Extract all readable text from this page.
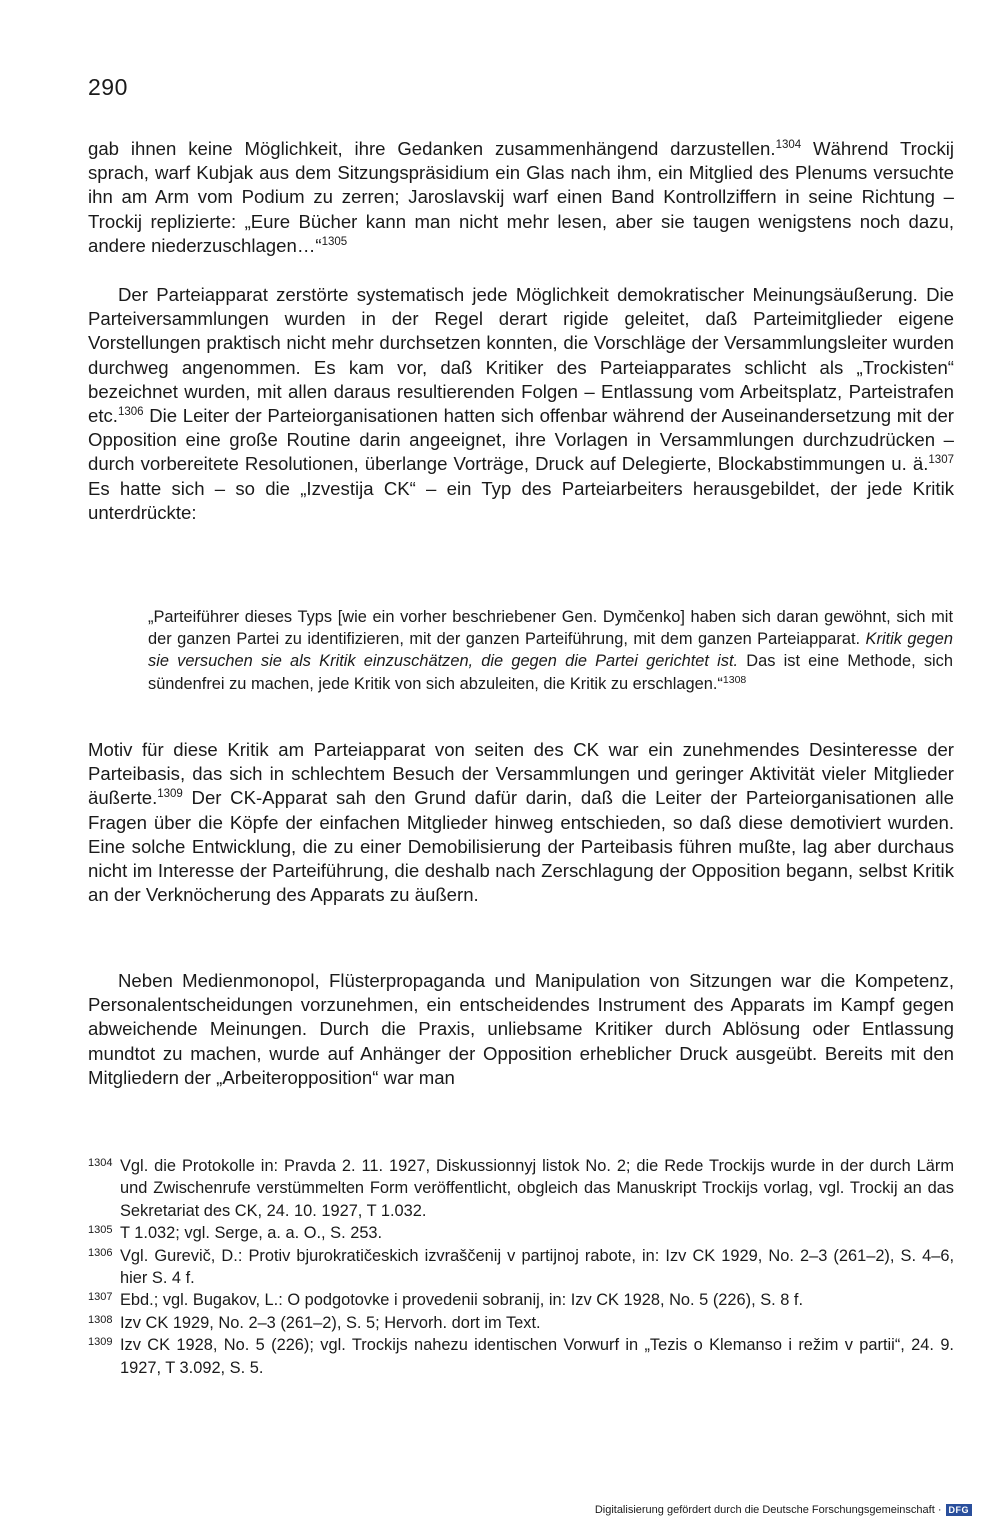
290

gab ihnen keine Möglichkeit, ihre Gedanken zusammenhängend darzustellen.$^{1304}$ Während Trockij sprach, warf Kubjak aus dem Sitzungspräsidium ein Glas nach ihm, ein Mitglied des Plenums versuchte ihn am Arm vom Podium zu zerren; Jaroslavskij warf einen Band Kontrollziffern in seine Richtung – Trockij replizierte: „Eure Bücher kann man nicht mehr lesen, aber sie taugen wenigstens noch dazu, andere niederzuschlagen…“$^{1305}$

Der Parteiapparat zerstörte systematisch jede Möglichkeit demokratischer Meinungsäußerung. Die Parteiversammlungen wurden in der Regel derart rigide geleitet, daß Parteimitglieder eigene Vorstellungen praktisch nicht mehr durchsetzen konnten, die Vorschläge der Versammlungsleiter wurden durchweg angenommen. Es kam vor, daß Kritiker des Parteiapparates schlicht als „Trockisten“ bezeichnet wurden, mit allen daraus resultierenden Folgen – Entlassung vom Arbeitsplatz, Parteistrafen etc.$^{1306}$ Die Leiter der Parteiorganisationen hatten sich offenbar während der Auseinandersetzung mit der Opposition eine große Routine darin angeeignet, ihre Vorlagen in Versammlungen durchzudrücken – durch vorbereitete Resolutionen, überlange Vorträge, Druck auf Delegierte, Blockabstimmungen u. ä.$^{1307}$ Es hatte sich – so die „Izvestija CK“ – ein Typ des Parteiarbeiters herausgebildet, der jede Kritik unterdrückte:

„Parteiführer dieses Typs [wie ein vorher beschriebener Gen. Dymčenko] haben sich daran gewöhnt, sich mit der ganzen Partei zu identifizieren, mit der ganzen Parteiführung, mit dem ganzen Parteiapparat. Kritik gegen sie versuchen sie als Kritik einzuschätzen, die gegen die Partei gerichtet ist. Das ist eine Methode, sich sündenfrei zu machen, jede Kritik von sich abzuleiten, die Kritik zu erschlagen.“$^{1308}$

Motiv für diese Kritik am Parteiapparat von seiten des CK war ein zunehmendes Desinteresse der Parteibasis, das sich in schlechtem Besuch der Versammlungen und geringer Aktivität vieler Mitglieder äußerte.$^{1309}$ Der CK-Apparat sah den Grund dafür darin, daß die Leiter der Parteiorganisationen alle Fragen über die Köpfe der einfachen Mitglieder hinweg entschieden, so daß diese demotiviert wurden. Eine solche Entwicklung, die zu einer Demobilisierung der Parteibasis führen mußte, lag aber durchaus nicht im Interesse der Parteiführung, die deshalb nach Zerschlagung der Opposition begann, selbst Kritik an der Verknöcherung des Apparats zu äußern.

Neben Medienmonopol, Flüsterpropaganda und Manipulation von Sitzungen war die Kompetenz, Personalentscheidungen vorzunehmen, ein entscheidendes Instrument des Apparats im Kampf gegen abweichende Meinungen. Durch die Praxis, unliebsame Kritiker durch Ablösung oder Entlassung mundtot zu machen, wurde auf Anhänger der Opposition erheblicher Druck ausgeübt. Bereits mit den Mitgliedern der „Arbeiteropposition“ war man

1304 Vgl. die Protokolle in: Pravda 2. 11. 1927, Diskussionnyj listok No. 2; die Rede Trockijs wurde in der durch Lärm und Zwischenrufe verstümmelten Form veröffentlicht, obgleich das Manuskript Trockijs vorlag, vgl. Trockij an das Sekretariat des CK, 24. 10. 1927, T 1.032.
1305 T 1.032; vgl. Serge, a. a. O., S. 253.
1306 Vgl. Gurevič, D.: Protiv bjurokratičeskich izvraščenij v partijnoj rabote, in: Izv CK 1929, No. 2–3 (261–2), S. 4–6, hier S. 4 f.
1307 Ebd.; vgl. Bugakov, L.: O podgotovke i provedenii sobranij, in: Izv CK 1928, No. 5 (226), S. 8 f.
1308 Izv CK 1929, No. 2–3 (261–2), S. 5; Hervorh. dort im Text.
1309 Izv CK 1928, No. 5 (226); vgl. Trockijs nahezu identischen Vorwurf in „Tezis o Klemanso i režim v partii“, 24. 9. 1927, T 3.092, S. 5.
Digitalisierung gefördert durch die Deutsche Forschungsgemeinschaft · DFG
